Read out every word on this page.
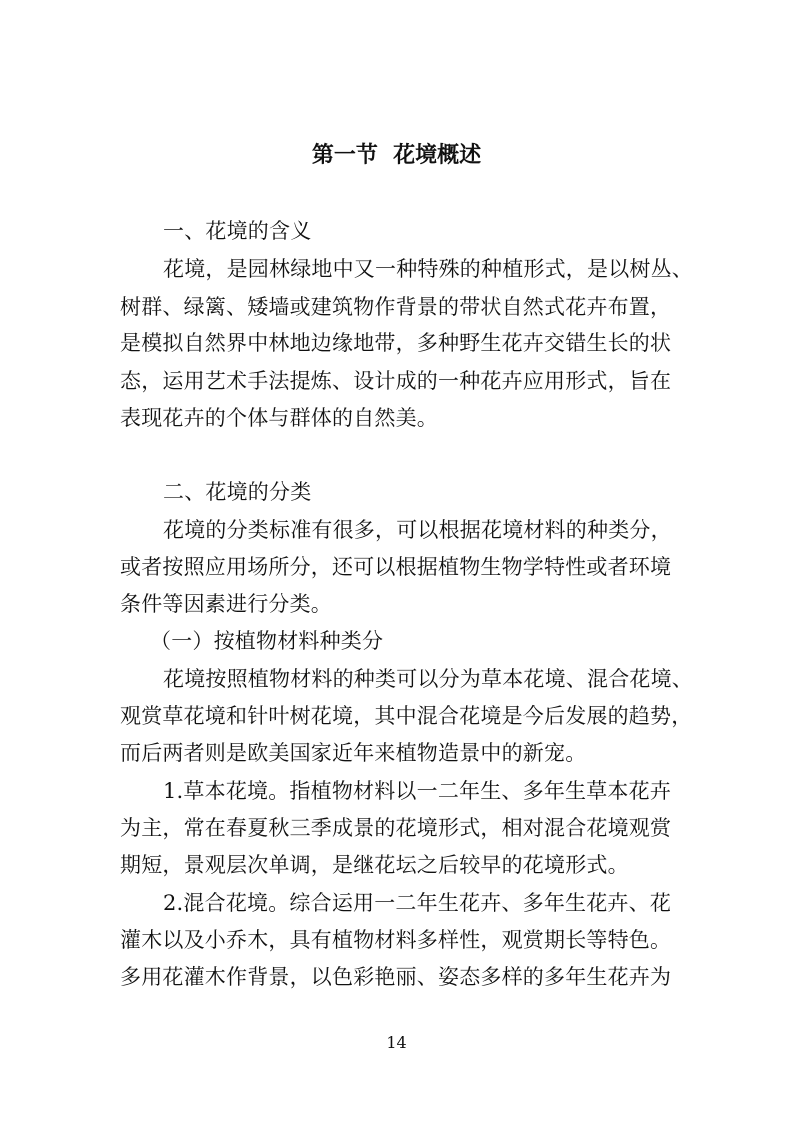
第一节  花境概述
一、花境的含义
花境，是园林绿地中又一种特殊的种植形式，是以树丛、
树群、绿篱、矮墙或建筑物作背景的带状自然式花卉布置，
是模拟自然界中林地边缘地带，多种野生花卉交错生长的状
态，运用艺术手法提炼、设计成的一种花卉应用形式，旨在
表现花卉的个体与群体的自然美。
二、花境的分类
花境的分类标准有很多，可以根据花境材料的种类分，
或者按照应用场所分，还可以根据植物生物学特性或者环境
条件等因素进行分类。
（一）按植物材料种类分
花境按照植物材料的种类可以分为草本花境、混合花境、
观赏草花境和针叶树花境，其中混合花境是今后发展的趋势，
而后两者则是欧美国家近年来植物造景中的新宠。
1.草本花境。指植物材料以一二年生、多年生草本花卉
为主，常在春夏秋三季成景的花境形式，相对混合花境观赏
期短，景观层次单调，是继花坛之后较早的花境形式。
2.混合花境。综合运用一二年生花卉、多年生花卉、花
灌木以及小乔木，具有植物材料多样性，观赏期长等特色。
多用花灌木作背景，以色彩艳丽、姿态多样的多年生花卉为
14
